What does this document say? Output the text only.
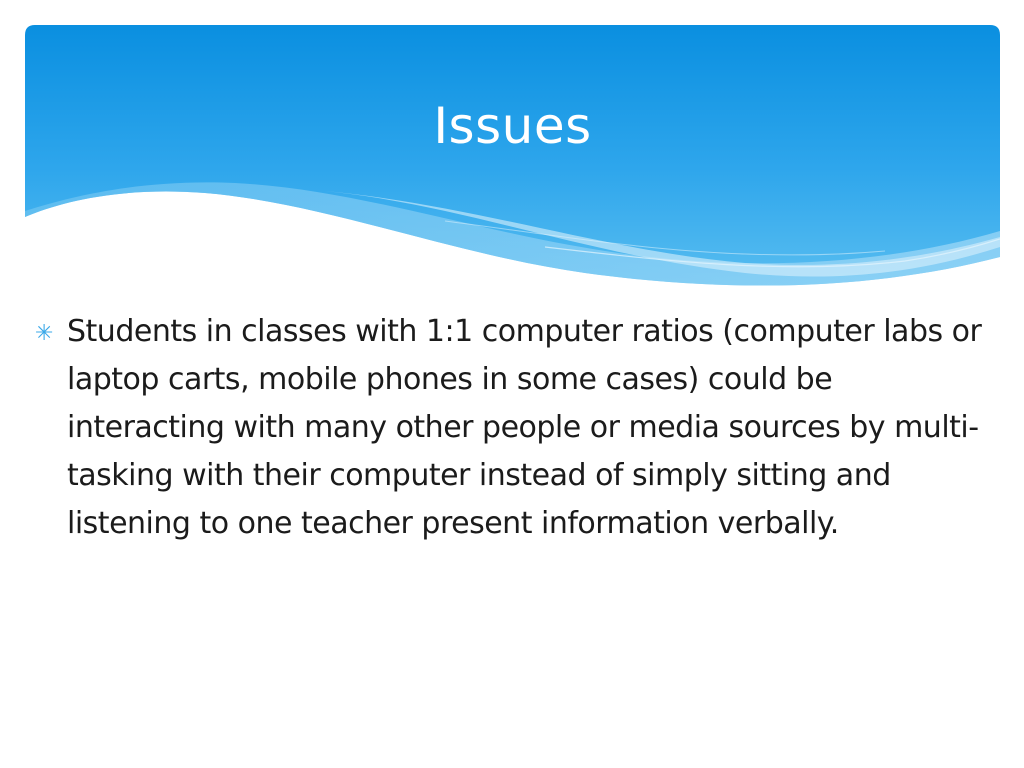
Issues
✳ Students in classes with 1:1 computer ratios (computer labs or laptop carts, mobile phones in some cases) could be interacting with many other people or media sources by multi-tasking with their computer instead of simply sitting and listening to one teacher present information verbally.
